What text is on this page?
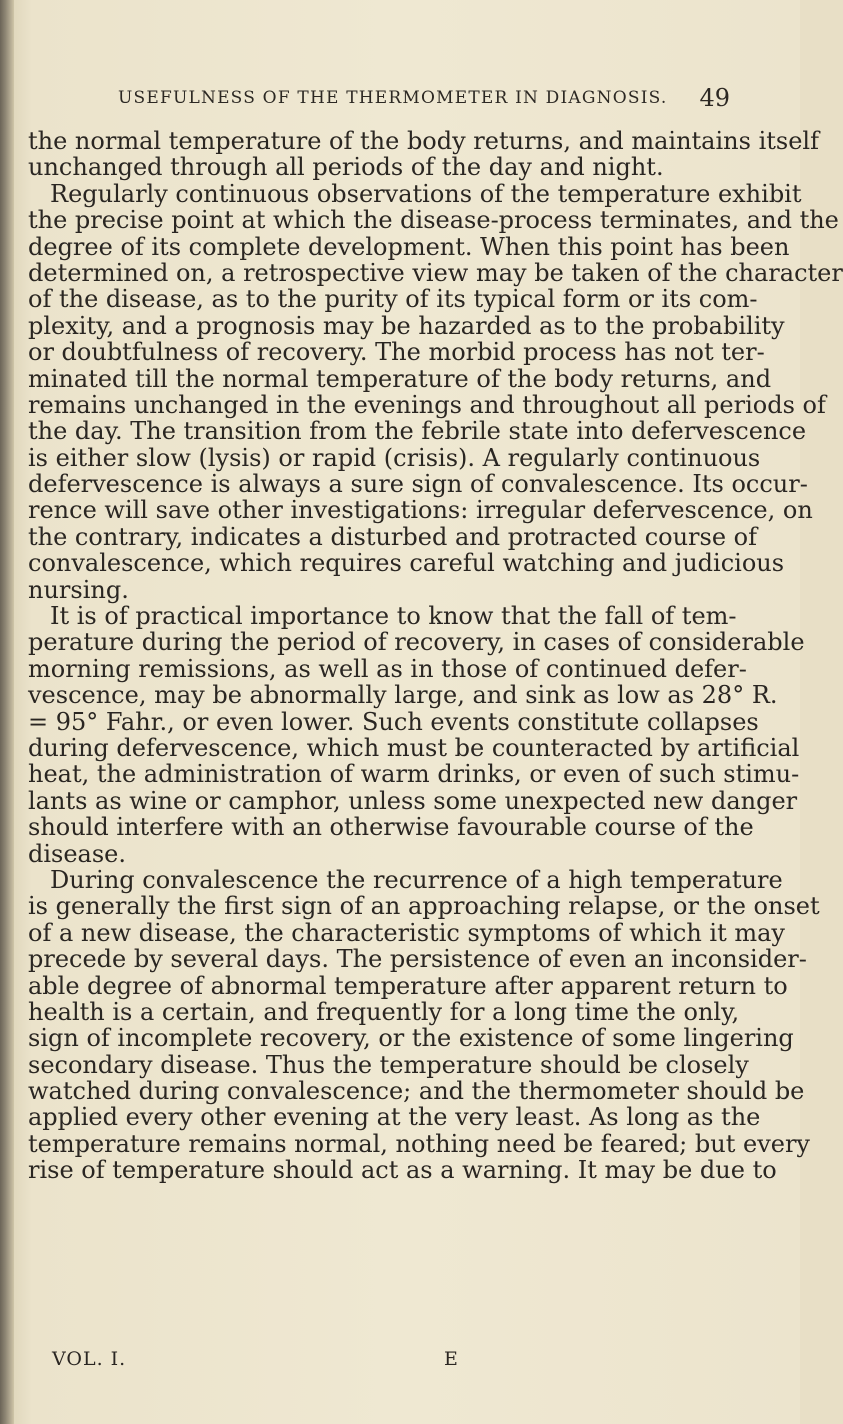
USEFULNESS OF THE THERMOMETER IN DIAGNOSIS. 49
the normal temperature of the body returns, and maintains itself
unchanged through all periods of the day and night.
Regularly continuous observations of the temperature exhibit
the precise point at which the disease-process terminates, and the
degree of its complete development. When this point has been
determined on, a retrospective view may be taken of the character
of the disease, as to the purity of its typical form or its com-
plexity, and a prognosis may be hazarded as to the probability
or doubtfulness of recovery. The morbid process has not ter-
minated till the normal temperature of the body returns, and
remains unchanged in the evenings and throughout all periods of
the day. The transition from the febrile state into defervescence
is either slow (lysis) or rapid (crisis). A regularly continuous
defervescence is always a sure sign of convalescence. Its occur-
rence will save other investigations: irregular defervescence, on
the contrary, indicates a disturbed and protracted course of
convalescence, which requires careful watching and judicious
nursing.
It is of practical importance to know that the fall of tem-
perature during the period of recovery, in cases of considerable
morning remissions, as well as in those of continued defer-
vescence, may be abnormally large, and sink as low as 28° R.
= 95° Fahr., or even lower. Such events constitute collapses
during defervescence, which must be counteracted by artificial
heat, the administration of warm drinks, or even of such stimu-
lants as wine or camphor, unless some unexpected new danger
should interfere with an otherwise favourable course of the
disease.
During convalescence the recurrence of a high temperature
is generally the first sign of an approaching relapse, or the onset
of a new disease, the characteristic symptoms of which it may
precede by several days. The persistence of even an inconsider-
able degree of abnormal temperature after apparent return to
health is a certain, and frequently for a long time the only,
sign of incomplete recovery, or the existence of some lingering
secondary disease. Thus the temperature should be closely
watched during convalescence; and the thermometer should be
applied every other evening at the very least. As long as the
temperature remains normal, nothing need be feared; but every
rise of temperature should act as a warning. It may be due to
VOL. I.	E
